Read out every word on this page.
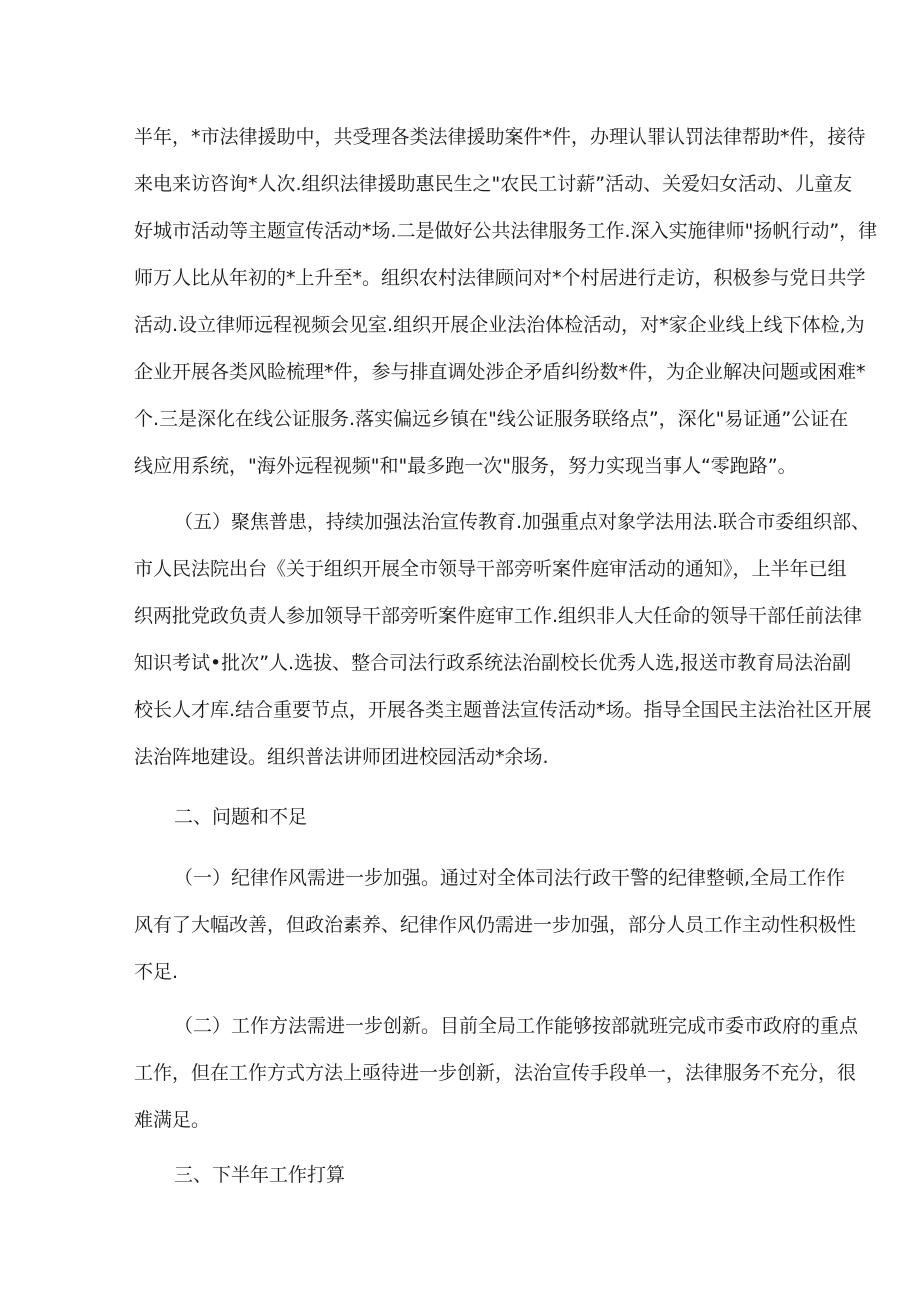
半年，*市法律援助中，共受理各类法律援助案件*件，办理认罪认罚法律帮助*件，接待
来电来访咨询*人次.组织法律援助惠民生之"农民工讨薪”活动、关爱妇女活动、儿童友
好城市活动等主题宣传活动*场.二是做好公共法律服务工作.深入实施律师"扬帆行动”，律
师万人比从年初的*上升至*。组织农村法律顾问对*个村居进行走访，积极参与党日共学
活动.设立律师远程视频会见室.组织开展企业法治体检活动，对*家企业线上线下体检,为
企业开展各类风睑梳理*件，参与排直调处涉企矛盾纠纷数*件，为企业解决问题或困难*
个.三是深化在线公证服务.落实偏远乡镇在"线公证服务联络点”，深化"易证通”公证在
线应用系统，"海外远程视频"和"最多跑一次"服务，努力实现当事人“零跑路”。
（五）聚焦普患，持续加强法治宣传教育.加强重点对象学法用法.联合市委组织部、
市人民法院出台《关于组织开展全市领导干部旁听案件庭审活动的通知》，上半年已组
织两批党政负责人参加领导干部旁听案件庭审工作.组织非人大任命的领导干部任前法律
知识考试•批次”人.选拔、整合司法行政系统法治副校长优秀人选,报送市教育局法治副
校长人才库.结合重要节点，开展各类主题普法宣传活动*场。指导全国民主法治社区开展
法治阵地建设。组织普法讲师团进校园活动*余场.
二、问题和不足
（一）纪律作风需进一步加强。通过对全体司法行政干警的纪律整顿,全局工作作
风有了大幅改善，但政治素养、纪律作风仍需进一步加强，部分人员工作主动性积极性
不足.
（二）工作方法需进一步创新。目前全局工作能够按部就班完成市委市政府的重点
工作，但在工作方式方法上亟待进一步创新，法治宣传手段单一，法律服务不充分，很
难满足。
三、下半年工作打算
